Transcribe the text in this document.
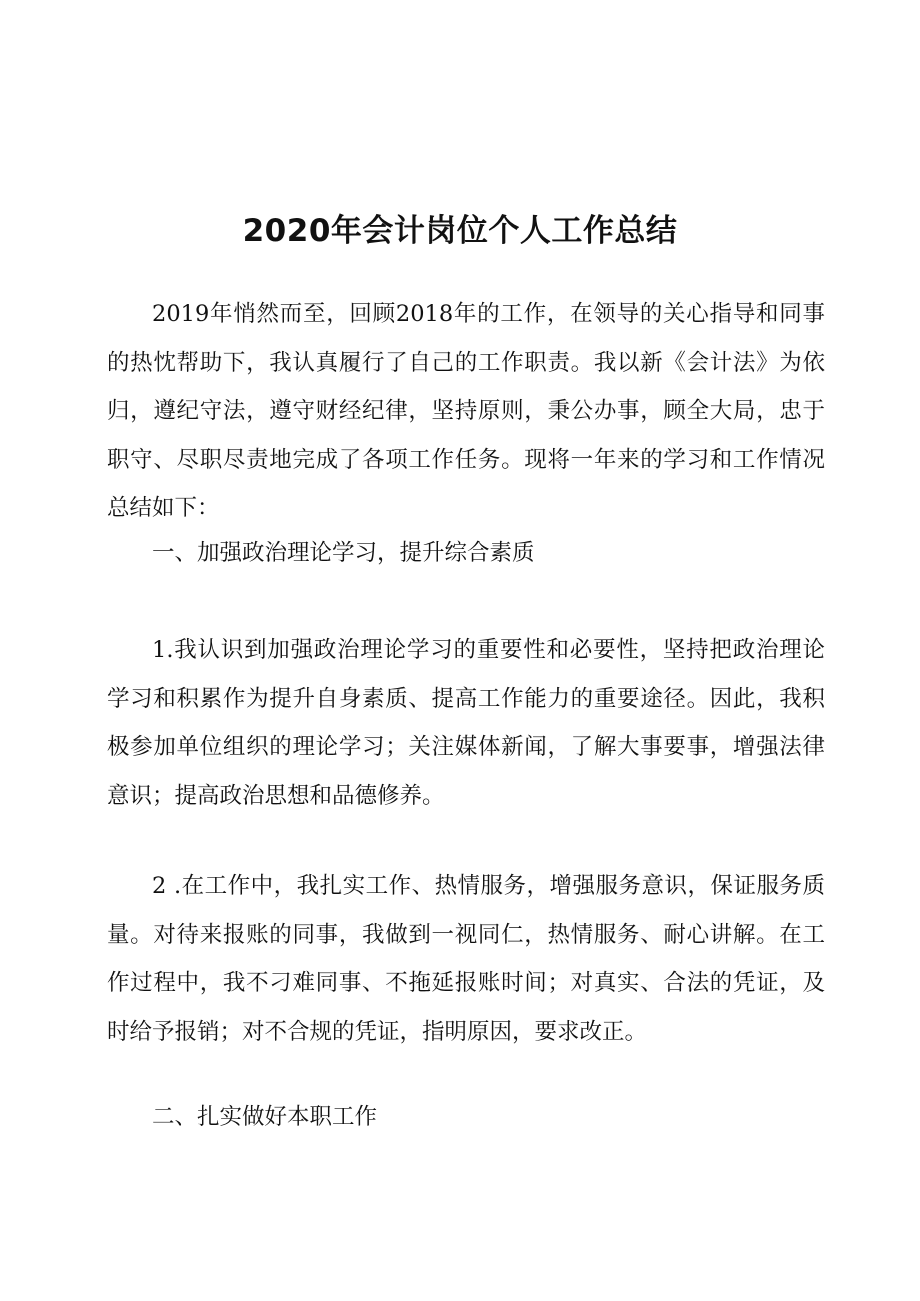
2020年会计岗位个人工作总结

2019年悄然而至，回顾2018年的工作，在领导的关心指导和同事的热忱帮助下，我认真履行了自己的工作职责。我以新《会计法》为依归，遵纪守法，遵守财经纪律，坚持原则，秉公办事，顾全大局，忠于职守、尽职尽责地完成了各项工作任务。现将一年来的学习和工作情况总结如下：

一、加强政治理论学习，提升综合素质

1.我认识到加强政治理论学习的重要性和必要性，坚持把政治理论学习和积累作为提升自身素质、提高工作能力的重要途径。因此，我积极参加单位组织的理论学习；关注媒体新闻，了解大事要事，增强法律意识；提高政治思想和品德修养。

2 .在工作中，我扎实工作、热情服务，增强服务意识，保证服务质量。对待来报账的同事，我做到一视同仁，热情服务、耐心讲解。在工作过程中，我不刁难同事、不拖延报账时间；对真实、合法的凭证，及时给予报销；对不合规的凭证，指明原因，要求改正。

二、扎实做好本职工作
